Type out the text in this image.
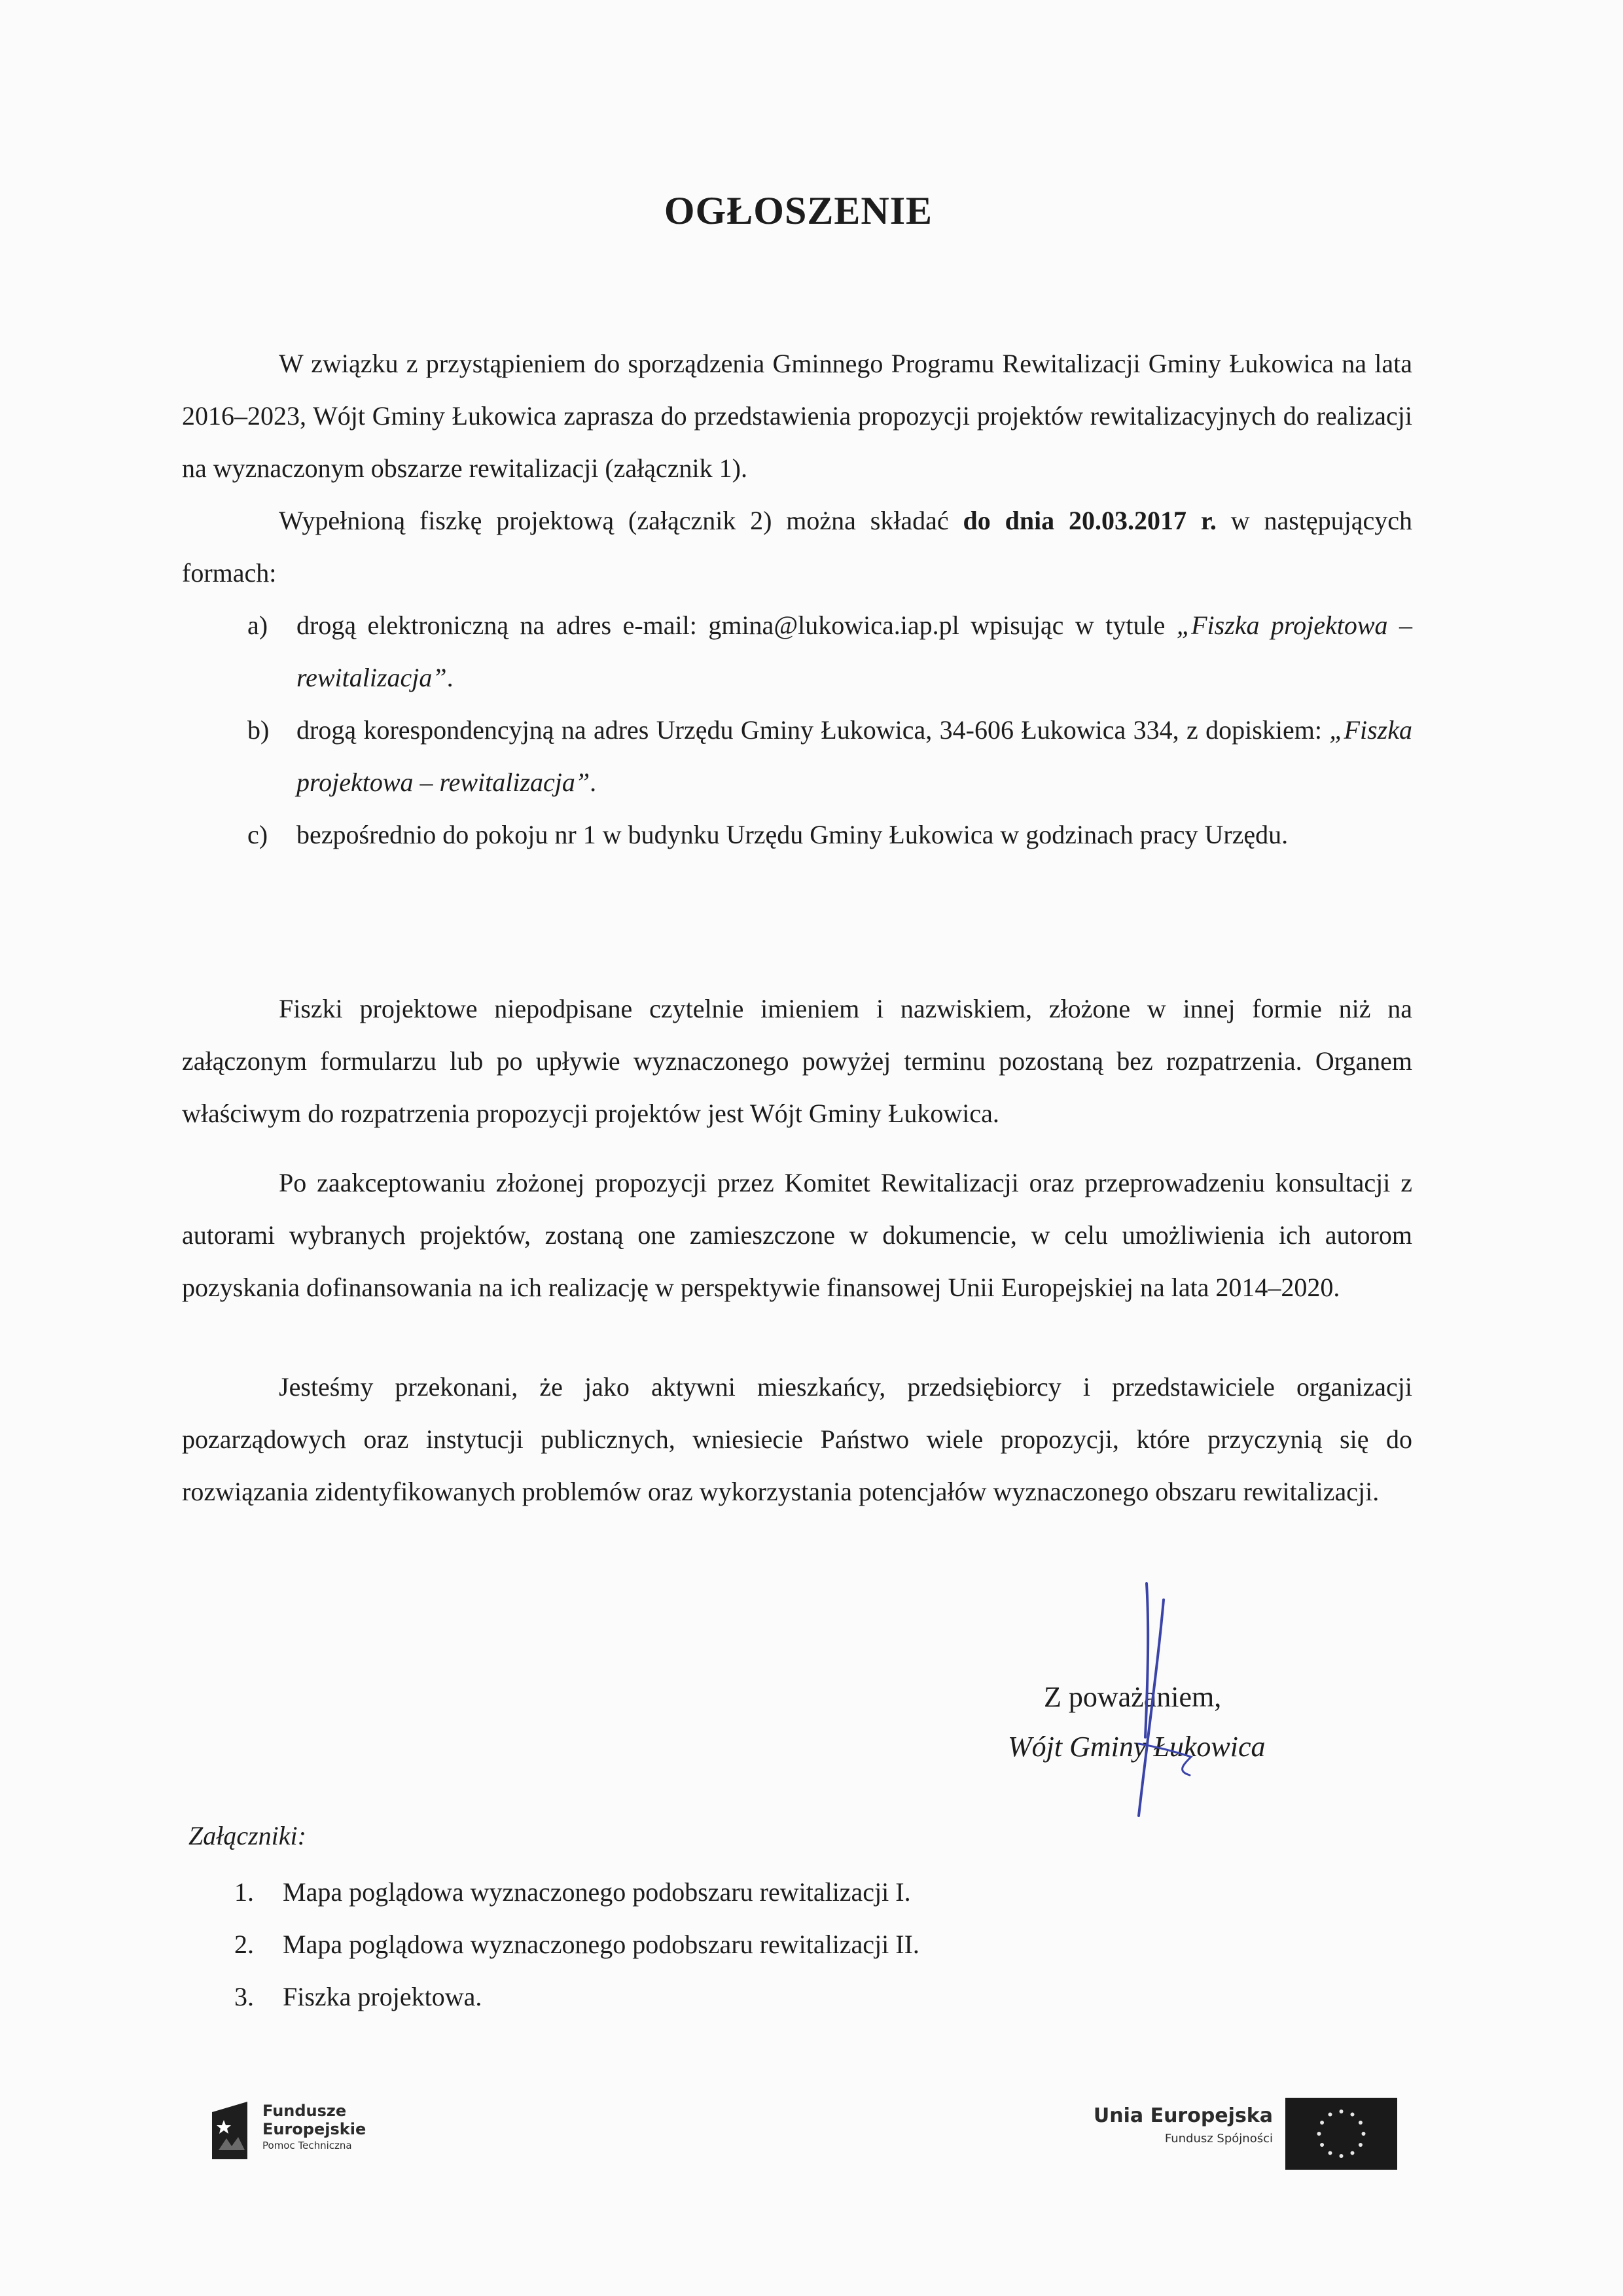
OGŁOSZENIE
W związku z przystąpieniem do sporządzenia Gminnego Programu Rewitalizacji Gminy Łukowica na lata 2016–2023, Wójt Gminy Łukowica zaprasza do przedstawienia propozycji projektów rewitalizacyjnych do realizacji na wyznaczonym obszarze rewitalizacji (załącznik 1).
Wypełnioną fiszkę projektową (załącznik 2) można składać do dnia 20.03.2017 r. w następujących formach:
a) drogą elektroniczną na adres e-mail: gmina@lukowica.iap.pl wpisując w tytule „Fiszka projektowa – rewitalizacja”.
b) drogą korespondencyjną na adres Urzędu Gminy Łukowica, 34-606 Łukowica 334, z dopiskiem: „Fiszka projektowa – rewitalizacja”.
c) bezpośrednio do pokoju nr 1 w budynku Urzędu Gminy Łukowica w godzinach pracy Urzędu.
Fiszki projektowe niepodpisane czytelnie imieniem i nazwiskiem, złożone w innej formie niż na załączonym formularzu lub po upływie wyznaczonego powyżej terminu pozostaną bez rozpatrzenia. Organem właściwym do rozpatrzenia propozycji projektów jest Wójt Gminy Łukowica.
Po zaakceptowaniu złożonej propozycji przez Komitet Rewitalizacji oraz przeprowadzeniu konsultacji z autorami wybranych projektów, zostaną one zamieszczone w dokumencie, w celu umożliwienia ich autorom pozyskania dofinansowania na ich realizację w perspektywie finansowej Unii Europejskiej na lata 2014–2020.
Jesteśmy przekonani, że jako aktywni mieszkańcy, przedsiębiorcy i przedstawiciele organizacji pozarządowych oraz instytucji publicznych, wniesiecie Państwo wiele propozycji, które przyczynią się do rozwiązania zidentyfikowanych problemów oraz wykorzystania potencjałów wyznaczonego obszaru rewitalizacji.
Z poważaniem,
Wójt Gminy Łukowica
Załączniki:
1. Mapa poglądowa wyznaczonego podobszaru rewitalizacji I.
2. Mapa poglądowa wyznaczonego podobszaru rewitalizacji II.
3. Fiszka projektowa.
Fundusze
Europejskie
Pomoc Techniczna
Unia Europejska
Fundusz Spójności
